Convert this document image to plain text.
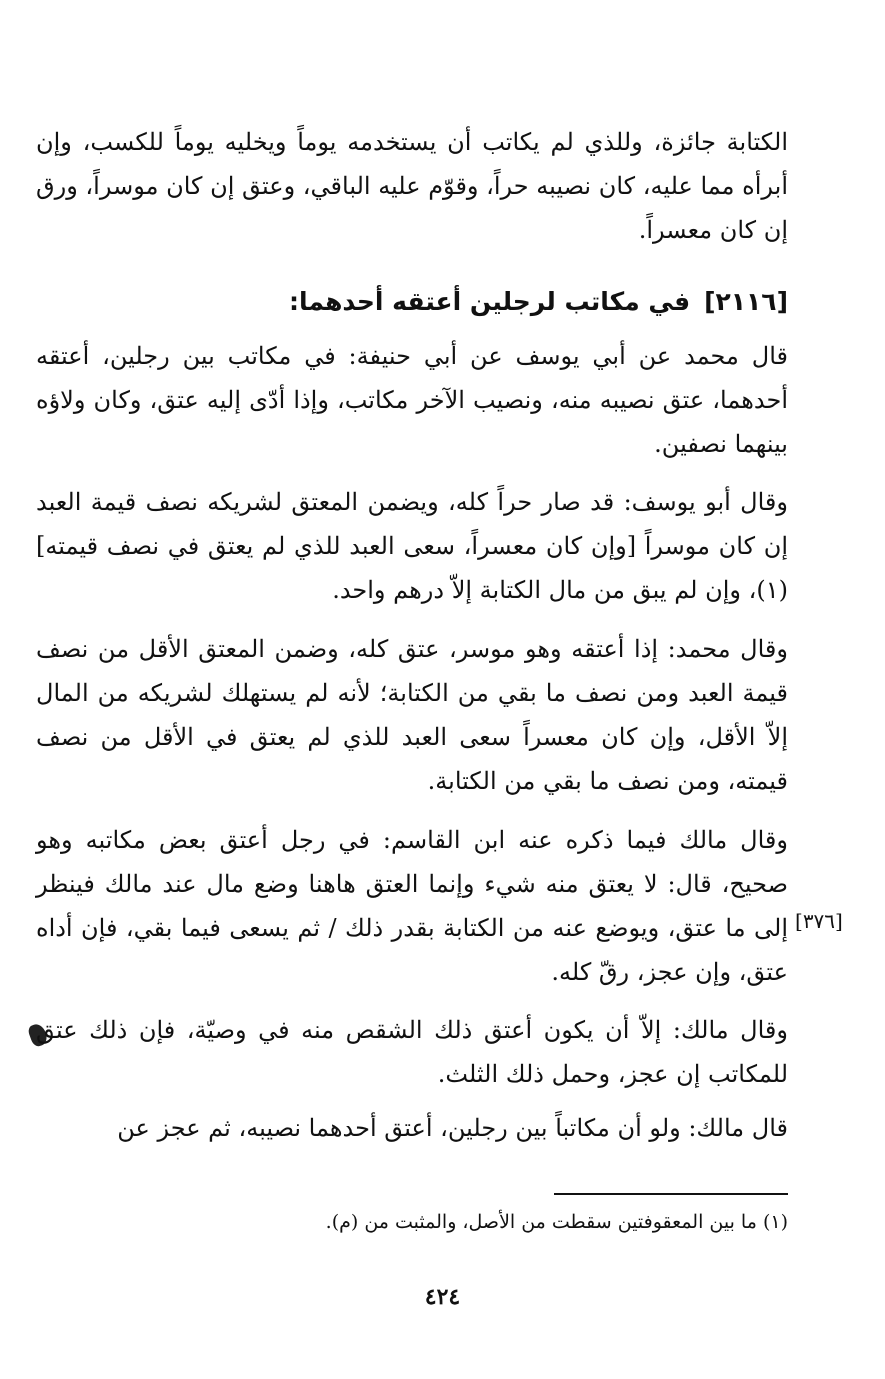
الكتابة جائزة، وللذي لم يكاتب أن يستخدمه يوماً ويخليه يوماً للكسب، وإن أبرأه مما عليه، كان نصيبه حراً، وقوّم عليه الباقي، وعتق إن كان موسراً، ورق إن كان معسراً.

[٢١١٦]في مكاتب لرجلين أعتقه أحدهما:

قال محمد عن أبي يوسف عن أبي حنيفة: في مكاتب بين رجلين، أعتقه أحدهما، عتق نصيبه منه، ونصيب الآخر مكاتب، وإذا أدّى إليه عتق، وكان ولاؤه بينهما نصفين.

وقال أبو يوسف: قد صار حراً كله، ويضمن المعتق لشريكه نصف قيمة العبد إن كان موسراً [وإن كان معسراً، سعى العبد للذي لم يعتق في نصف قيمته](١)، وإن لم يبق من مال الكتابة إلاّ درهم واحد.

وقال محمد: إذا أعتقه وهو موسر، عتق كله، وضمن المعتق الأقل من نصف قيمة العبد ومن نصف ما بقي من الكتابة؛ لأنه لم يستهلك لشريكه من المال إلاّ الأقل، وإن كان معسراً سعى العبد للذي لم يعتق في الأقل من نصف قيمته، ومن نصف ما بقي من الكتابة.

وقال مالك فيما ذكره عنه ابن القاسم: في رجل أعتق بعض مكاتبه وهو صحيح، قال: لا يعتق منه شيء وإنما العتق هاهنا وضع مال عند مالك فينظر إلى ما عتق، ويوضع عنه من الكتابة بقدر ذلك / ثم يسعى فيما بقي، فإن أداه عتق، وإن عجز، رقّ كله.

[٣٧٦]

وقال مالك: إلاّ أن يكون أعتق ذلك الشقص منه في وصيّة، فإن ذلك عتق للمكاتب إن عجز، وحمل ذلك الثلث.

قال مالك: ولو أن مكاتباً بين رجلين، أعتق أحدهما نصيبه، ثم عجز عن

(١) ما بين المعقوفتين سقطت من الأصل، والمثبت من (م).
٤٢٤
